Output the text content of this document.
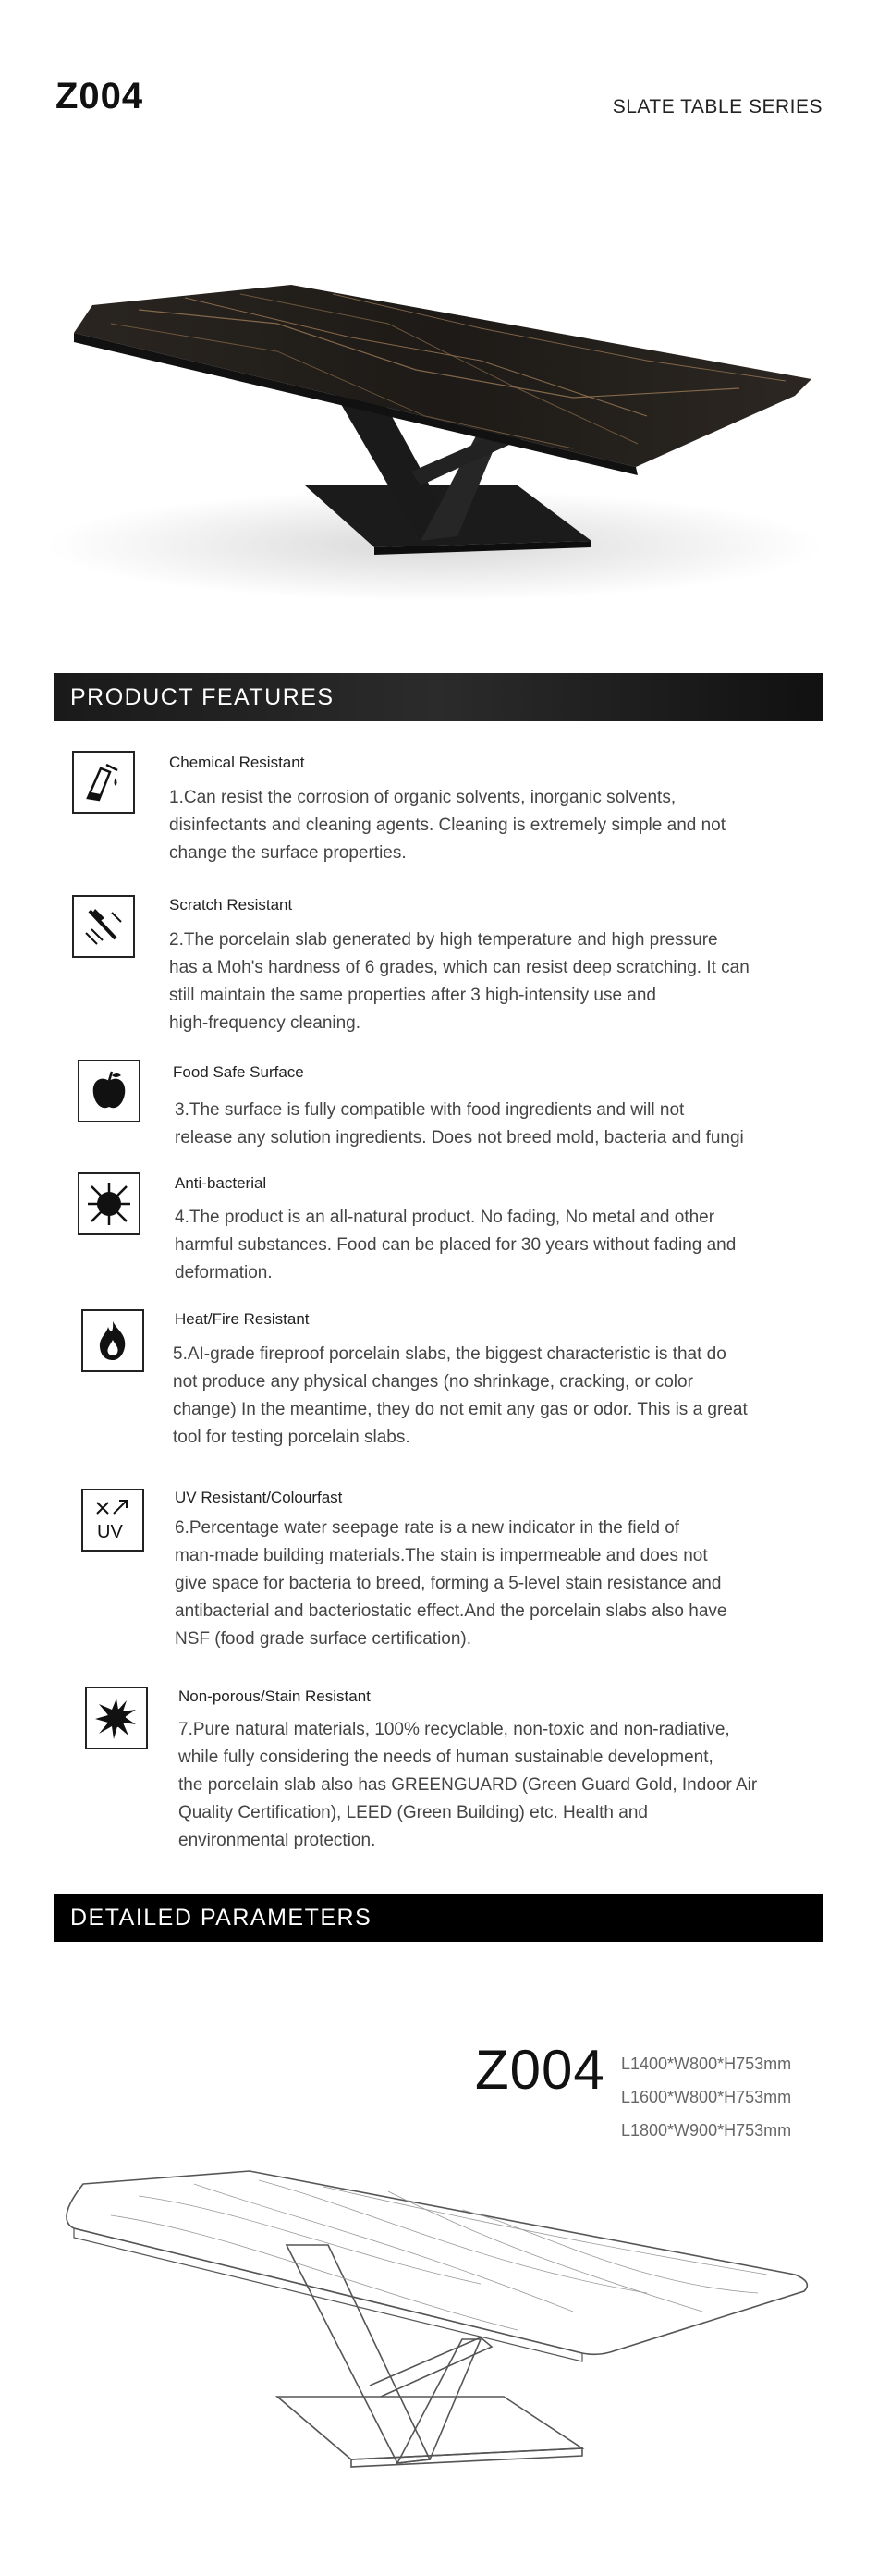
Z004	SLATE TABLE SERIES
PRODUCT FEATURES
Chemical Resistant
1.Can resist the corrosion of organic solvents, inorganic solvents,
disinfectants and cleaning agents. Cleaning is extremely simple and not
change the surface properties.
Scratch Resistant
2.The porcelain slab generated by high temperature and high pressure
has a Moh's hardness of 6 grades, which can resist deep scratching. It can
still maintain the same properties after 3 high-intensity use and
high-frequency cleaning.
Food Safe Surface
3.The surface is fully compatible with food ingredients and will not
release any solution ingredients. Does not breed mold, bacteria and fungi
Anti-bacterial
4.The product is an all-natural product. No fading, No metal and other
harmful substances. Food can be placed for 30 years without fading and
deformation.
Heat/Fire Resistant
5.AI-grade fireproof porcelain slabs, the biggest characteristic is that do
not produce any physical changes (no shrinkage, cracking, or color
change) In the meantime, they do not emit any gas or odor. This is a great
tool for testing porcelain slabs.
UV
UV Resistant/Colourfast
6.Percentage water seepage rate is a new indicator in the field of
man-made building materials.The stain is impermeable and does not
give space for bacteria to breed, forming a 5-level stain resistance and
antibacterial and bacteriostatic effect.And the porcelain slabs also have
NSF (food grade surface certification).
Non-porous/Stain Resistant
7.Pure natural materials, 100% recyclable, non-toxic and non-radiative,
while fully considering the needs of human sustainable development,
the porcelain slab also has GREENGUARD (Green Guard Gold, Indoor Air
Quality Certification), LEED (Green Building) etc. Health and
environmental protection.
DETAILED PARAMETERS
Z004 L1400*W800*H753mm
L1600*W800*H753mm
L1800*W900*H753mm
